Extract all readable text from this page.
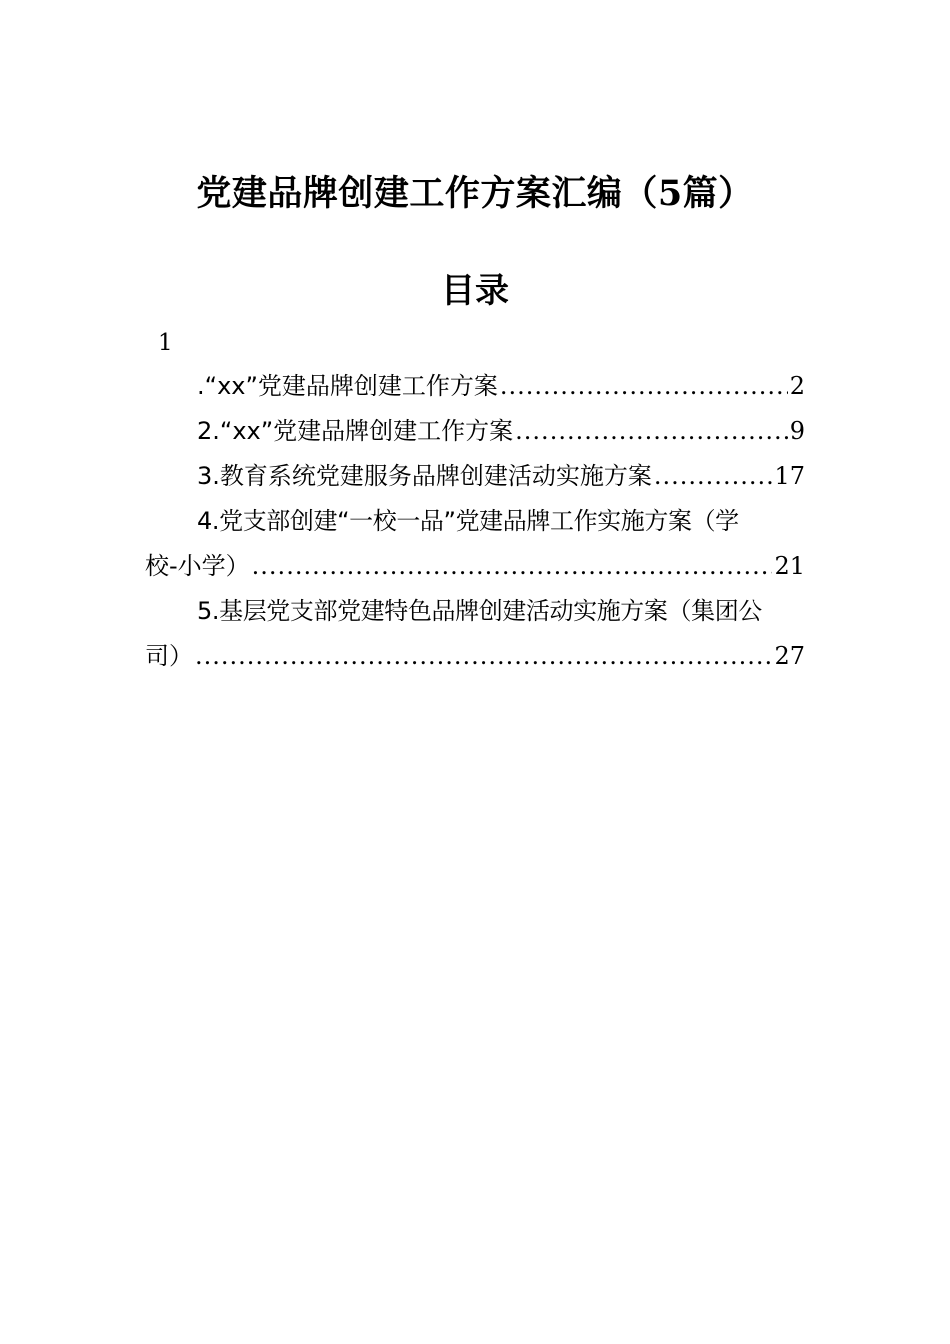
党建品牌创建工作方案汇编（5篇）
目录
1
.“xx”党建品牌创建工作方案 .....	2
2.“xx”党建品牌创建工作方案 .....	9
3.教育系统党建服务品牌创建活动实施方案 .....	17
4.党支部创建“一校一品”党建品牌工作实施方案（学
校-小学） .....	21
5.基层党支部党建特色品牌创建活动实施方案（集团公
司） .....	27
